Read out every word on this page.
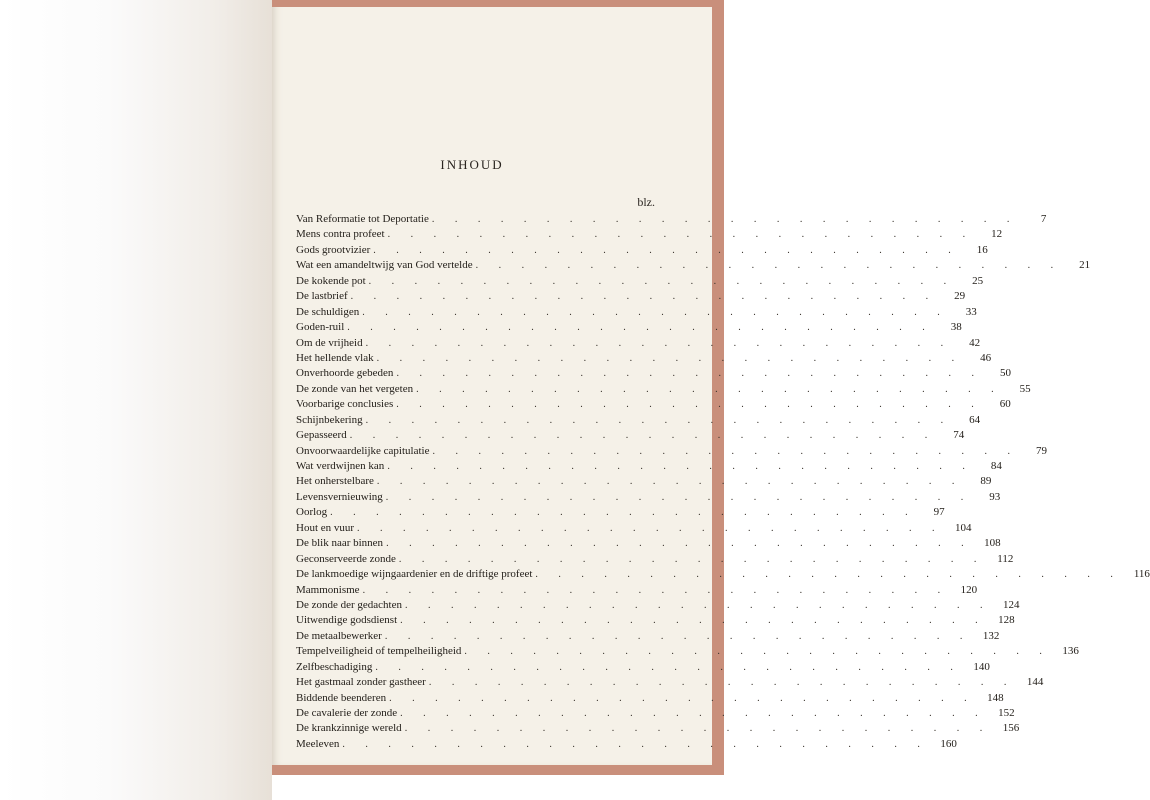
INHOUD
blz.
Van Reformatie tot Deportatie . . . . . . . . . . . . . . . . . . . . . . . . . .	7
Mens contra profeet . . . . . . . . . . . . . . . . . . . . . . . . . .	12
Gods grootvizier . . . . . . . . . . . . . . . . . . . . . . . . . .	16
Wat een amandeltwijg van God vertelde . . . . . . . . . . . . . . . . . . . . . . . . . .	21
De kokende pot . . . . . . . . . . . . . . . . . . . . . . . . . .	25
De lastbrief . . . . . . . . . . . . . . . . . . . . . . . . . .	29
De schuldigen . . . . . . . . . . . . . . . . . . . . . . . . . .	33
Goden-ruil . . . . . . . . . . . . . . . . . . . . . . . . . .	38
Om de vrijheid . . . . . . . . . . . . . . . . . . . . . . . . . .	42
Het hellende vlak . . . . . . . . . . . . . . . . . . . . . . . . . .	46
Onverhoorde gebeden . . . . . . . . . . . . . . . . . . . . . . . . . .	50
De zonde van het vergeten . . . . . . . . . . . . . . . . . . . . . . . . . .	55
Voorbarige conclusies . . . . . . . . . . . . . . . . . . . . . . . . . .	60
Schijnbekering . . . . . . . . . . . . . . . . . . . . . . . . . .	64
Gepasseerd . . . . . . . . . . . . . . . . . . . . . . . . . .	74
Onvoorwaardelijke capitulatie . . . . . . . . . . . . . . . . . . . . . . . . . .	79
Wat verdwijnen kan . . . . . . . . . . . . . . . . . . . . . . . . . .	84
Het onherstelbare . . . . . . . . . . . . . . . . . . . . . . . . . .	89
Levensvernieuwing . . . . . . . . . . . . . . . . . . . . . . . . . .	93
Oorlog . . . . . . . . . . . . . . . . . . . . . . . . . .	97
Hout en vuur . . . . . . . . . . . . . . . . . . . . . . . . . .	104
De blik naar binnen . . . . . . . . . . . . . . . . . . . . . . . . . .	108
Geconserveerde zonde . . . . . . . . . . . . . . . . . . . . . . . . . .	112
De lankmoedige wijngaardenier en de driftige profeet . . . . . . . . . . . . . . . . . . . . . . . . . .	116
Mammonisme . . . . . . . . . . . . . . . . . . . . . . . . . .	120
De zonde der gedachten . . . . . . . . . . . . . . . . . . . . . . . . . .	124
Uitwendige godsdienst . . . . . . . . . . . . . . . . . . . . . . . . . .	128
De metaalbewerker . . . . . . . . . . . . . . . . . . . . . . . . . .	132
Tempelveiligheid of tempelheiligheid . . . . . . . . . . . . . . . . . . . . . . . . . .	136
Zelfbeschadiging . . . . . . . . . . . . . . . . . . . . . . . . . .	140
Het gastmaal zonder gastheer . . . . . . . . . . . . . . . . . . . . . . . . . .	144
Biddende beenderen . . . . . . . . . . . . . . . . . . . . . . . . . .	148
De cavalerie der zonde . . . . . . . . . . . . . . . . . . . . . . . . . .	152
De krankzinnige wereld . . . . . . . . . . . . . . . . . . . . . . . . . .	156
Meeleven . . . . . . . . . . . . . . . . . . . . . . . . . .	160
